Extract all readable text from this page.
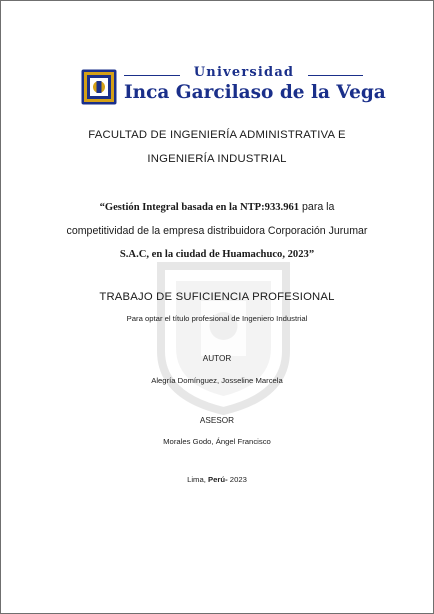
Universidad
Inca Garcilaso de la Vega
FACULTAD DE INGENIERÍA ADMINISTRATIVA E
INGENIERÍA INDUSTRIAL
“Gestión Integral basada en la NTP:933.961 para la
competitividad de la empresa distribuidora Corporación Jurumar
S.A.C, en la ciudad de Huamachuco, 2023”
TRABAJO DE SUFICIENCIA PROFESIONAL
Para optar el título profesional de Ingeniero Industrial
AUTOR
Alegría Domínguez, Josseline Marcela
ASESOR
Morales Godo, Ángel Francisco
Lima, Perú- 2023
